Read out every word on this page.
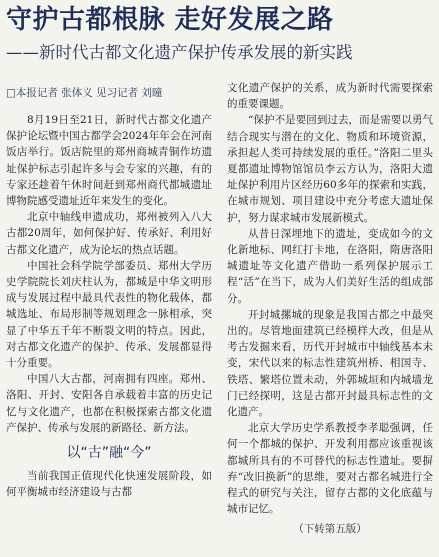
守护古都根脉 走好发展之路
——新时代古都文化遗产保护传承发展的新实践
□本报记者 张体义 见习记者 刘曈

8月19日至21日，新时代古都文化遗产保护论坛暨中国古都学会2024年年会在河南饭店举行。饭店院里的郑州商城青铜作坊遗址保护标志引起许多与会专家的兴趣，有的专家还趁着午休时间赶到郑州商代都城遗址博物院感受遗址近年来发生的变化。

北京中轴线申遗成功，郑州被列入八大古都20周年，如何保护好、传承好、利用好古都文化遗产，成为论坛的热点话题。

中国社会科学院学部委员、郑州大学历史学院院长刘庆柱认为，都城是中华文明形成与发展过程中最具代表性的物化载体，都城选址、布局形制等规划理念一脉相承，突显了中华五千年不断裂文明的特点。因此，对古都文化遗产的保护、传承、发展都显得十分重要。

中国八大古都，河南拥有四座。郑州、洛阳、开封、安阳各自承载着丰富的历史记忆与文化遗产，也都在积极探索古都文化遗产保护、传承与发展的新路径、新方法。

以“古”融“今”

当前我国正值现代化快速发展阶段，如何平衡城市经济建设与古都

文化遗产保护的关系，成为新时代需要探索的重要课题。

“保护不是要回到过去，而是需要以勇气结合现实与潜在的文化、物质和环境资源，承担起人类可持续发展的重任。”洛阳二里头夏都遗址博物馆馆员李云方认为，洛阳大遗址保护利用片区经历60多年的探索和实践，在城市规划、项目建设中充分考虑大遗址保护，努力谋求城市发展新模式。

从昔日深埋地下的遗址，变成如今的文化新地标、网红打卡地，在洛阳，隋唐洛阳城遗址等文化遗产借助一系列保护展示工程“活”在当下，成为人们美好生活的组成部分。

开封城摞城的现象是我国古都之中最突出的。尽管地面建筑已经模样大改，但是从考古发掘来看，历代开封城市中轴线基本未变，宋代以来的标志性建筑州桥、相国寺、铁塔、繁塔位置未动，外郭城垣和内城墙龙门已经探明，这是古都开封最具标志性的文化遗产。

北京大学历史学系教授李孝聪强调，任何一个都城的保护、开发利用都应该重视该都城所具有的不可替代的标志性遗址。要摒弃“改旧换新”的思维，要对古都名城进行全程式的研究与关注，留存古都的文化底蕴与城市记忆。

（下转第五版）
